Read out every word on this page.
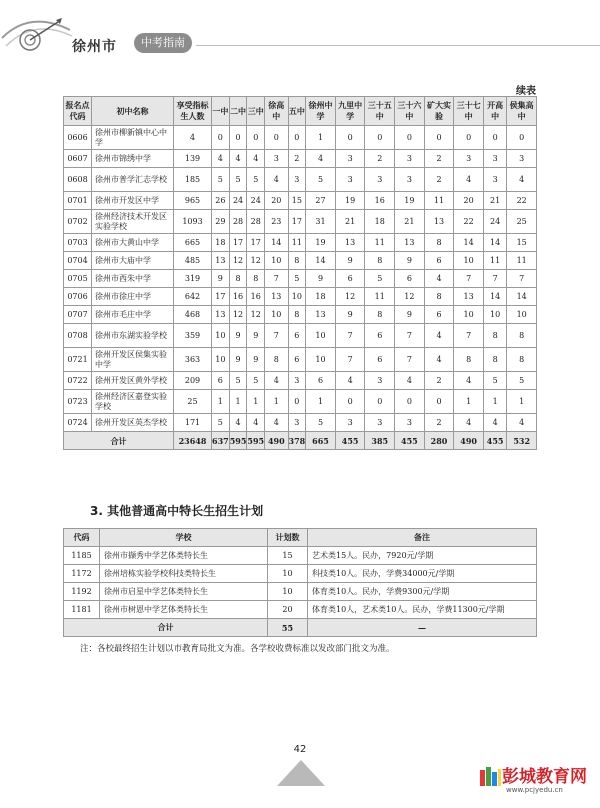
徐州市	中考指南
续表
报名点代码	初中名称	享受指标生人数	一中	二中	三中	徐高中	五中	徐州中学	九里中学	三十五中	三十六中	矿大实验	三十七中	开高中	侯集高中
0606	徐州市柳新镇中心中学	4	0	0	0	0	0	1	0	0	0	0	0	0	0
0607	徐州市锦绣中学	139	4	4	4	3	2	4	3	2	3	2	3	3	3
0608	徐州市普学汇志学校	185	5	5	5	4	3	5	3	3	3	2	4	3	4
0701	徐州市开发区中学	965	26	24	24	20	15	27	19	16	19	11	20	21	22
0702	徐州经济技术开发区实验学校	1093	29	28	28	23	17	31	21	18	21	13	22	24	25
0703	徐州市大黄山中学	665	18	17	17	14	11	19	13	11	13	8	14	14	15
0704	徐州市大庙中学	485	13	12	12	10	8	14	9	8	9	6	10	11	11
0705	徐州市西朱中学	319	9	8	8	7	5	9	6	5	6	4	7	7	7
0706	徐州市徐庄中学	642	17	16	16	13	10	18	12	11	12	8	13	14	14
0707	徐州市毛庄中学	468	13	12	12	10	8	13	9	8	9	6	10	10	10
0708	徐州市东湖实验学校	359	10	9	9	7	6	10	7	6	7	4	7	8	8
0721	徐州开发区侯集实验中学	363	10	9	9	8	6	10	7	6	7	4	8	8	8
0722	徐州开发区黄外学校	209	6	5	5	4	3	6	4	3	4	2	4	5	5
0723	徐州经济区嘉登实验学校	25	1	1	1	1	0	1	0	0	0	0	1	1	1
0724	徐州开发区英杰学校	171	5	4	4	4	3	5	3	3	3	2	4	4	4
合计		23648	637	595	595	490	378	665	455	385	455	280	490	455	532
3. 其他普通高中特长生招生计划
代码	学校	计划数	备注
1185	徐州市撷秀中学艺体类特长生	15	艺术类15人。民办，7920元/学期
1172	徐州培栋实验学校科技类特长生	10	科技类10人。民办，学费34000元/学期
1192	徐州市启星中学艺体类特长生	10	体育类10人。民办，学费9300元/学期
1181	徐州市树恩中学艺体类特长生	20	体育类10人，艺术类10人。民办，学费11300元/学期
合计		55	—
注：各校最终招生计划以市教育局批文为准。各学校收费标准以发改部门批文为准。
42
彭城教育网
www.pcjyedu.cn
